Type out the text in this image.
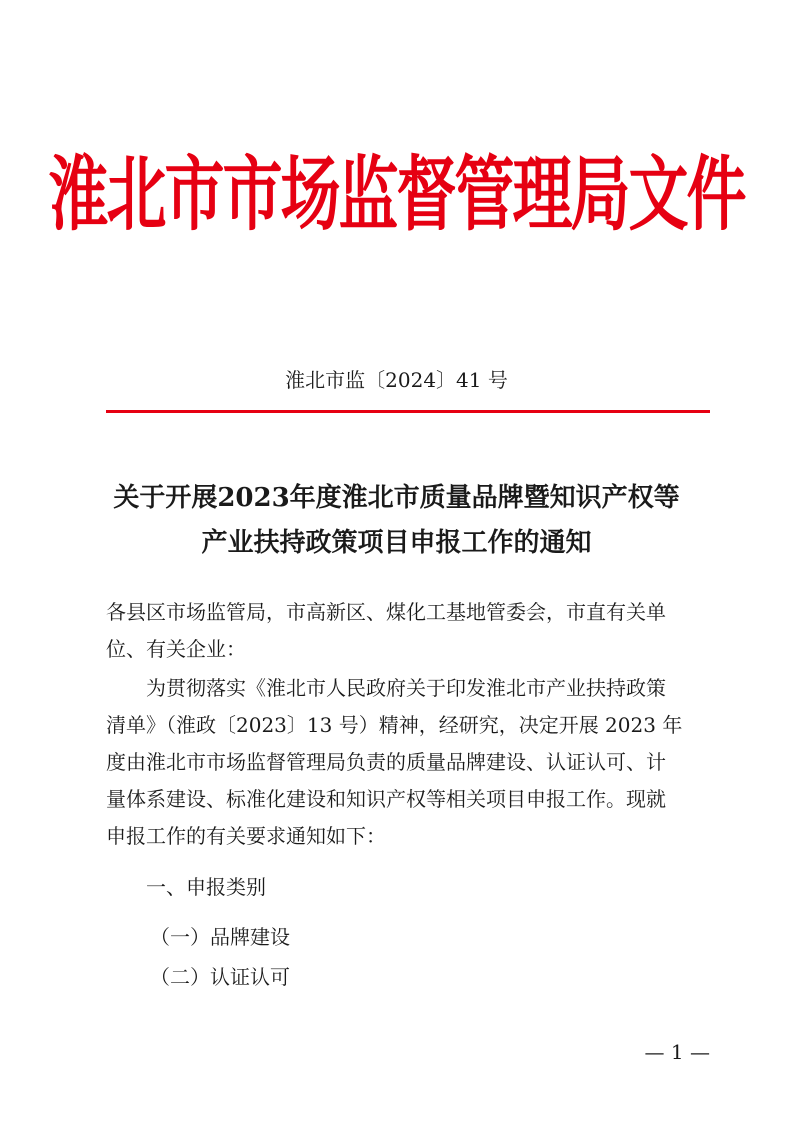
淮北市市场监督管理局文件
淮北市监〔2024〕41 号
关于开展2023年度淮北市质量品牌暨知识产权等
产业扶持政策项目申报工作的通知
各县区市场监管局，市高新区、煤化工基地管委会，市直有关单
位、有关企业：
为贯彻落实《淮北市人民政府关于印发淮北市产业扶持政策
清单》（淮政〔2023〕13 号）精神，经研究，决定开展 2023 年
度由淮北市市场监督管理局负责的质量品牌建设、认证认可、计
量体系建设、标准化建设和知识产权等相关项目申报工作。现就
申报工作的有关要求通知如下：
一、申报类别
（一）品牌建设
（二）认证认可
— 1 —
